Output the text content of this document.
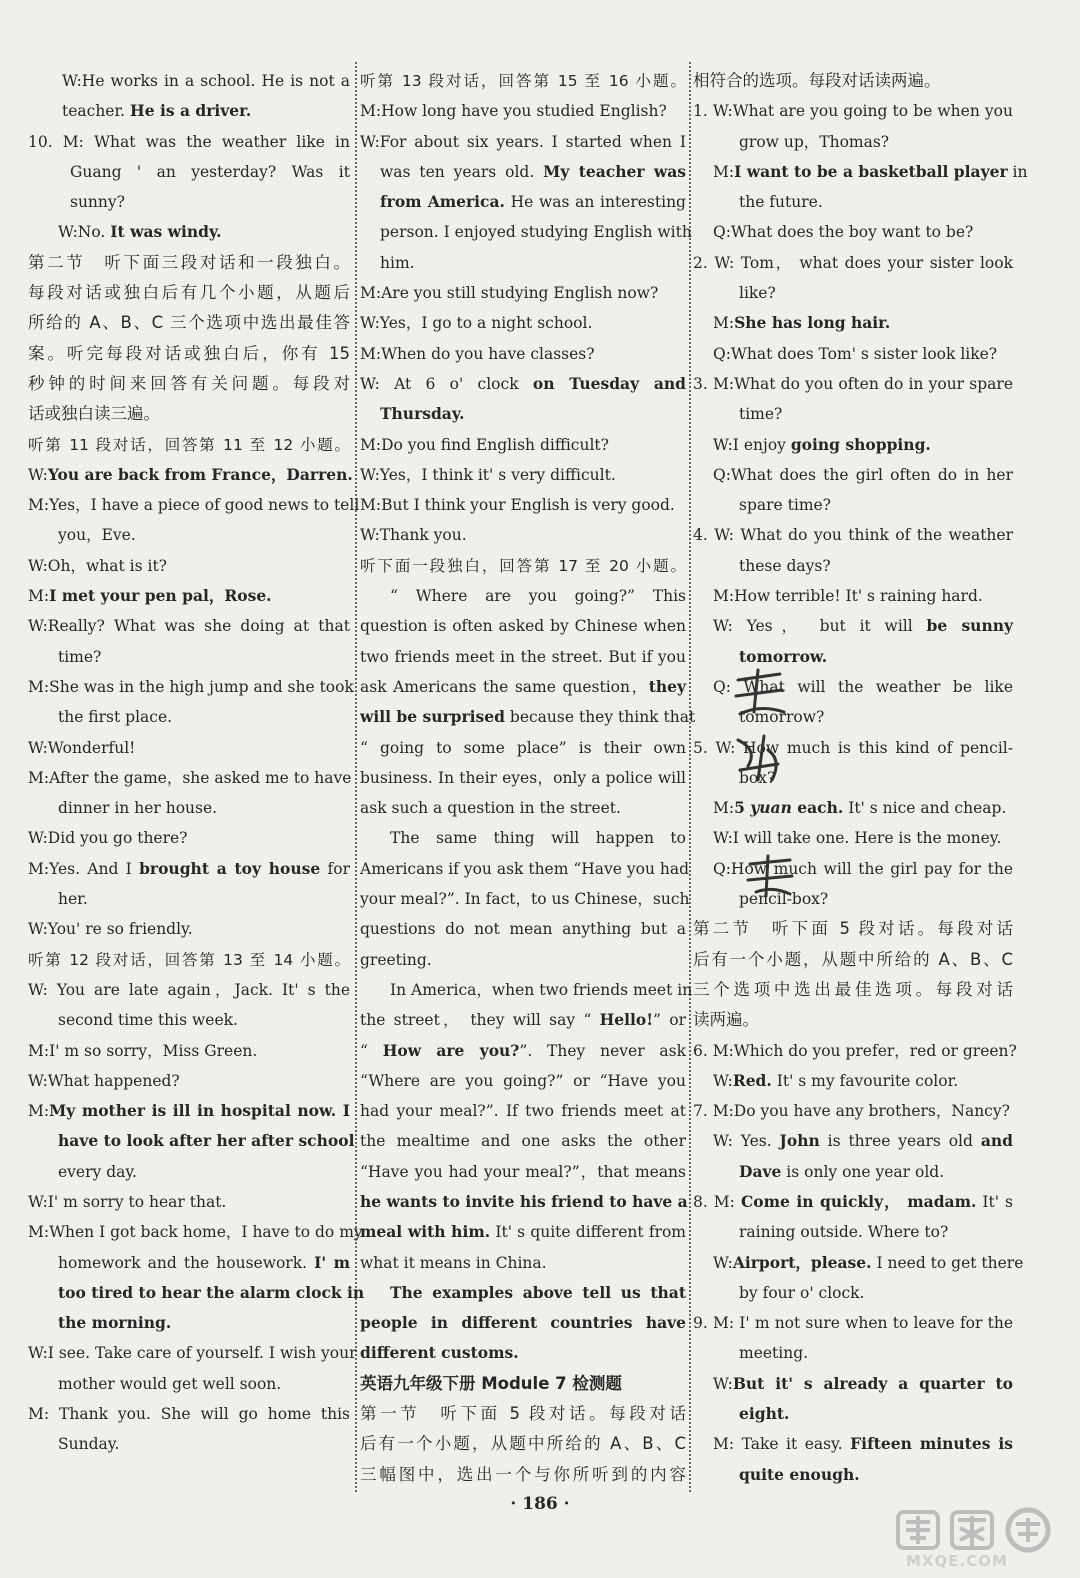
W:He works in a school. He is not a
teacher. He is a driver.
10. M: What was the weather like in
Guang ' an yesterday? Was it
sunny?
W:No. It was windy.
第二节　听下面三段对话和一段独白。
每段对话或独白后有几个小题，从题后
所给的 A、B、C 三个选项中选出最佳答
案。听完每段对话或独白后，你有 15
秒钟的时间来回答有关问题。每段对
话或独白读三遍。
听第 11 段对话，回答第 11 至 12 小题。
W:You are back from France，Darren.
M:Yes，I have a piece of good news to tell
you，Eve.
W:Oh，what is it?
M:I met your pen pal，Rose.
W:Really? What was she doing at that
time?
M:She was in the high jump and she took
the first place.
W:Wonderful!
M:After the game，she asked me to have
dinner in her house.
W:Did you go there?
M:Yes. And I brought a toy house for
her.
W:You' re so friendly.
听第 12 段对话，回答第 13 至 14 小题。
W: You are late again，Jack. It' s the
second time this week.
M:I' m so sorry，Miss Green.
W:What happened?
M:My mother is ill in hospital now. I
have to look after her after school
every day.
W:I' m sorry to hear that.
M:When I got back home，I have to do my
homework and the housework. I' m
too tired to hear the alarm clock in
the morning.
W:I see. Take care of yourself. I wish your
mother would get well soon.
M: Thank you. She will go home this
Sunday.
听第 13 段对话，回答第 15 至 16 小题。
M:How long have you studied English?
W:For about six years. I started when I
was ten years old. My teacher was
from America. He was an interesting
person. I enjoyed studying English with
him.
M:Are you still studying English now?
W:Yes，I go to a night school.
M:When do you have classes?
W: At 6 o' clock on Tuesday and
Thursday.
M:Do you find English difficult?
W:Yes，I think it' s very difficult.
M:But I think your English is very good.
W:Thank you.
听下面一段独白，回答第 17 至 20 小题。
“ Where are you going?” This
question is often asked by Chinese when
two friends meet in the street. But if you
ask Americans the same question，they
will be surprised because they think that
“ going to some place” is their own
business. In their eyes，only a police will
ask such a question in the street.
The same thing will happen to
Americans if you ask them “Have you had
your meal?”. In fact，to us Chinese，such
questions do not mean anything but a
greeting.
In America，when two friends meet in
the street， they will say “ Hello!” or
“ How are you?”. They never ask
“Where are you going?” or “Have you
had your meal?”. If two friends meet at
the mealtime and one asks the other
“Have you had your meal?”，that means
he wants to invite his friend to have a
meal with him. It' s quite different from
what it means in China.
The examples above tell us that
people in different countries have
different customs.
英语九年级下册 Module 7 检测题
第一节　听下面 5 段对话。每段对话
后有一个小题，从题中所给的 A、B、C
三幅图中，选出一个与你所听到的内容
相符合的选项。每段对话读两遍。
1. W:What are you going to be when you
grow up，Thomas?
M:I want to be a basketball player in
the future.
Q:What does the boy want to be?
2. W: Tom， what does your sister look
like?
M:She has long hair.
Q:What does Tom' s sister look like?
3. M:What do you often do in your spare
time?
W:I enjoy going shopping.
Q:What does the girl often do in her
spare time?
4. W: What do you think of the weather
these days?
M:How terrible! It' s raining hard.
W: Yes， but it will be sunny
tomorrow.
Q: What will the weather be like
tomorrow?
5. W: How much is this kind of pencil-
box?
M:5 yuan each. It' s nice and cheap.
W:I will take one. Here is the money.
Q:How much will the girl pay for the
pencil-box?
第二节　听下面 5 段对话。每段对话
后有一个小题，从题中所给的 A、B、C
三个选项中选出最佳选项。每段对话
读两遍。
6. M:Which do you prefer，red or green?
W:Red. It' s my favourite color.
7. M:Do you have any brothers，Nancy?
W: Yes. John is three years old and
Dave is only one year old.
8. M: Come in quickly， madam. It' s
raining outside. Where to?
W:Airport，please. I need to get there
by four o' clock.
9. M: I' m not sure when to leave for the
meeting.
W:But it' s already a quarter to
eight.
M: Take it easy. Fifteen minutes is
quite enough.
· 186 ·
MXQE.COM
